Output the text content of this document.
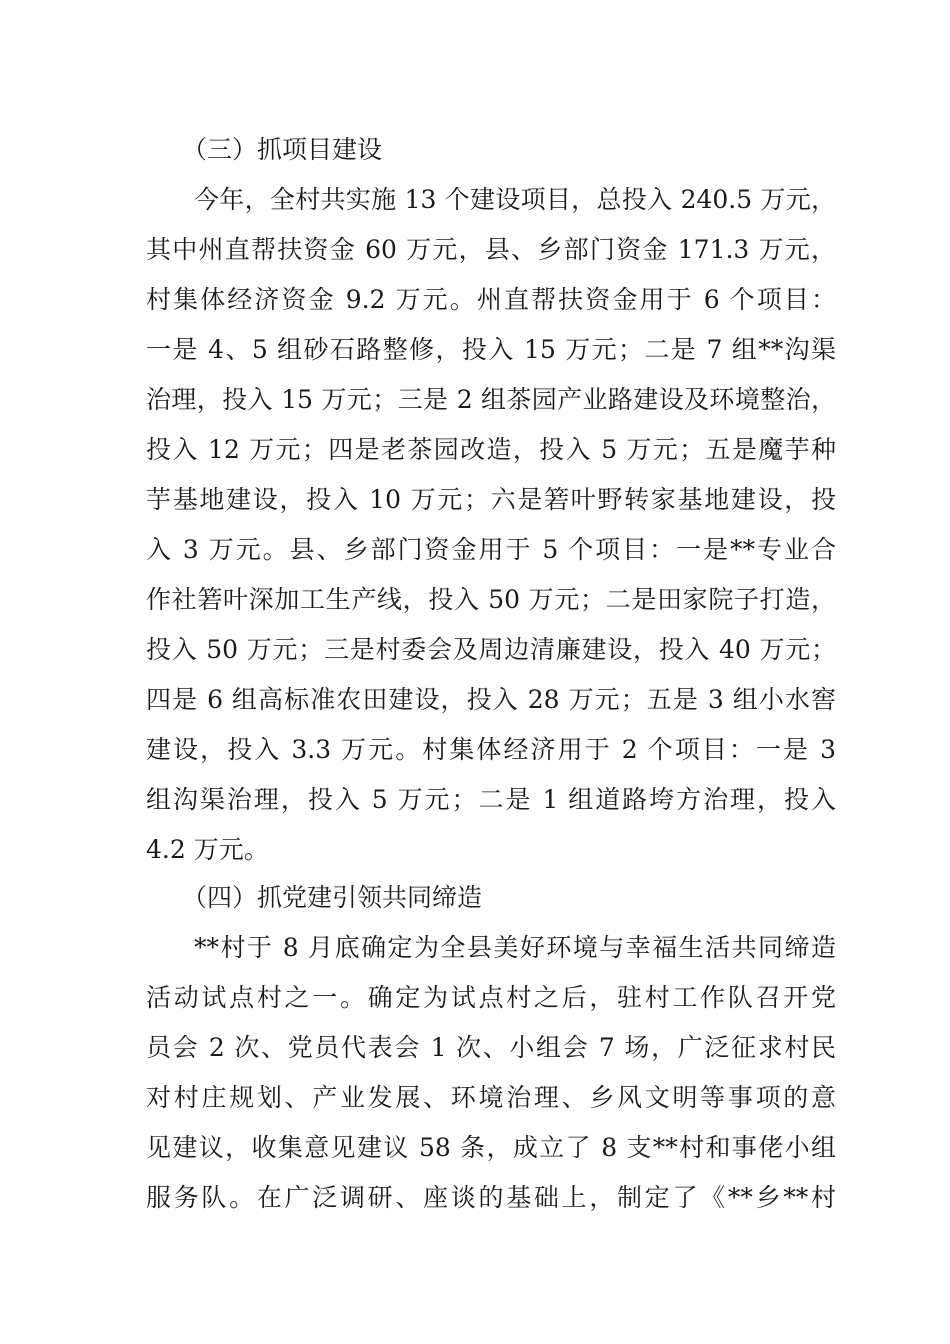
（三）抓项目建设
今年，全村共实施 13 个建设项目，总投入 240.5 万元，
其中州直帮扶资金 60 万元，县、乡部门资金 171.3 万元，
村集体经济资金 9.2 万元。州直帮扶资金用于 6 个项目：
一是 4、5 组砂石路整修，投入 15 万元；二是 7 组**沟渠
治理，投入 15 万元；三是 2 组茶园产业路建设及环境整治，
投入 12 万元；四是老茶园改造，投入 5 万元；五是魔芋种
芋基地建设，投入 10 万元；六是箬叶野转家基地建设，投
入 3 万元。县、乡部门资金用于 5 个项目：一是**专业合
作社箬叶深加工生产线，投入 50 万元；二是田家院子打造，
投入 50 万元；三是村委会及周边清廉建设，投入 40 万元；
四是 6 组高标准农田建设，投入 28 万元；五是 3 组小水窖
建设，投入 3.3 万元。村集体经济用于 2 个项目：一是 3
组沟渠治理，投入 5 万元；二是 1 组道路垮方治理，投入
4.2 万元。
（四）抓党建引领共同缔造
**村于 8 月底确定为全县美好环境与幸福生活共同缔造
活动试点村之一。确定为试点村之后，驻村工作队召开党
员会 2 次、党员代表会 1 次、小组会 7 场，广泛征求村民
对村庄规划、产业发展、环境治理、乡风文明等事项的意
见建议，收集意见建议 58 条，成立了 8 支**村和事佬小组
服务队。在广泛调研、座谈的基础上，制定了《**乡**村
